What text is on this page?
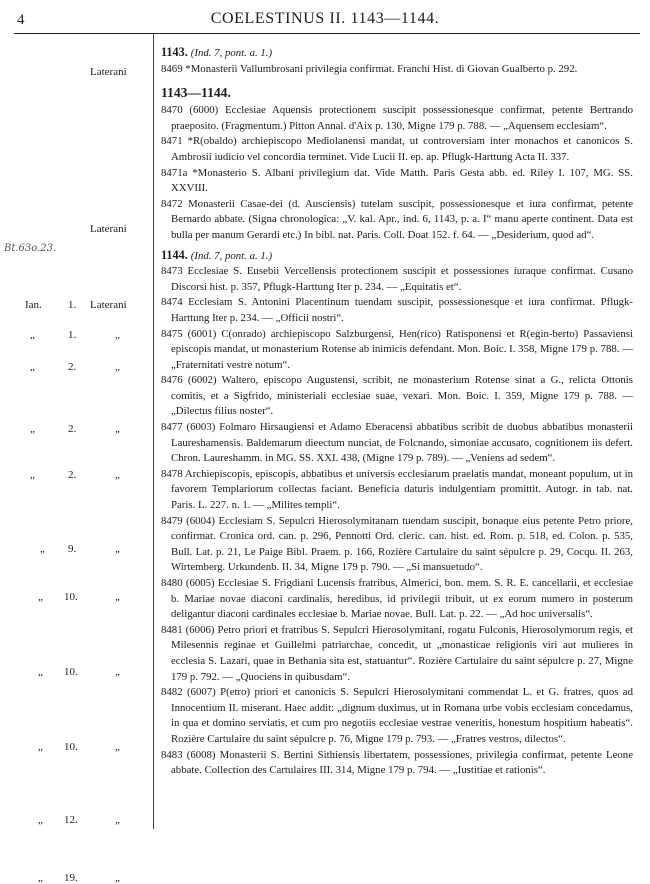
4	COELESTINUS II. 1143—1144.
Laterani
Laterani
Bt.63o.23.
Ian. 1. Laterani
„	1.	„
„	2.	„
„	2.	„
„	2.	„
„ 9.	„
„ 10.	„
„ 10.	„
„ 10.	„
„ 12.	„
„ 19.	„
1143. (Ind. 7, pont. a. 1.)
8469 *Monasterii Vallumbrosani privilegia confirmat. Franchi Hist. di Giovan Gualberto p. 292.
1143—1144.
8470 (6000) Ecclesiae Aquensis protectionem suscipit possessionesque confirmat, petente Bertrando praeposito. (Fragmentum.) Pitton Annal. d'Aix p. 130, Migne 179 p. 788. — „Aquensem ecclesiam“.
8471 *R(obaldo) archiepiscopo Mediolanensi mandat, ut controversiam inter monachos et canonicos S. Ambrosii iudicio vel concordia terminet. Vide Lucii II. ep. ap. Pflugk-Harttung Acta II. 337.
8471a *Monasterio S. Albani privilegium dat. Vide Matth. Paris Gesta abb. ed. Riley I. 107, MG. SS. XXVIII.
8472 Monasterii Casae-dei (d. Ausciensis) tutelam suscipit, possessionesque et iura confirmat, petente Bernardo abbate. (Signa chronologica: „V. kal. Apr., ind. 6, 1143, p. a. I“ manu aperte continent. Data est bulla per manum Gerardi etc.) In bibl. nat. Paris. Coll. Doat 152. f. 64. — „Desiderium, quod ad“.
1144. (Ind. 7, pont. a. 1.)
8473 Ecclesiae S. Eusebii Vercellensis protectionem suscipit et possessiones iuraque confirmat. Cusano Discorsi hist. p. 357, Pflugk-Harttung Iter p. 234. — „Equitatis et“.
8474 Ecclesiam S. Antonini Placentinum tuendam suscipit, possessionesque et iura confirmat. Pflugk-Harttung Iter p. 234. — „Officii nostri“.
8475 (6001) C(onrado) archiepiscopo Salzburgensi, Hen(rico) Ratisponensi et R(egin-berto) Passaviensi episcopis mandat, ut monasterium Rotense ab inimicis defendant. Mon. Boic. I. 358, Migne 179 p. 788. — „Fraternitati vestre notum“.
8476 (6002) Waltero, episcopo Augustensi, scribit, ne monasterium Rotense sinat a G., relicta Ottonis comitis, et a Sigfrido, ministeriali ecclesiae suae, vexari. Mon. Boic. I. 359, Migne 179 p. 788. — „Dilectus filius noster“.
8477 (6003) Folmaro Hirsaugiensi et Adamo Eberacensi abbatibus scribit de duobus abbatibus monasterii Laureshamensis. Baldemarum dieectum nunciat, de Folcnando, simoniae accusato, cognitionem iis defert. Chron. Laureshamm. in MG. SS. XXI. 438, (Migne 179 p. 789). — „Veniens ad sedem“.
8478 Archiepiscopis, episcopis, abbatibus et universis ecclesiarum praelatis mandat, moneant populum, ut in favorem Templariorum collectas faciant. Beneficia daturis indulgentiam promittit. Autogr. in tab. nat. Paris. L. 227. n. 1. — „Milites templi“.
8479 (6004) Ecclesiam S. Sepulcri Hierosolymitanam tuendam suscipit, bonaque eius petente Petro priore, confirmat. Cronica ord. can. p. 296, Pennotti Ord. cleric. can. hist. ed. Rom. p. 518, ed. Colon. p. 535, Bull. Lat. p. 21, Le Paige Bibl. Praem. p. 166, Rozière Cartulaire du saint sépulcre p. 29, Cocqu. II. 263, Wirtemberg. Urkundenb. II. 34, Migne 179 p. 790. — „Si mansuetudo“.
8480 (6005) Ecclesiae S. Frigdiani Lucensis fratribus, Almerici, bon. mem. S. R. E. cancellarii, et ecclesiae b. Mariae novae diaconi cardinalis, heredibus, id privilegii tribuit, ut ex eorum numero in posterum deligantur diaconi cardinales ecclesiae b. Mariae novae. Bull. Lat. p. 22. — „Ad hoc universalis“.
8481 (6006) Petro priori et fratribus S. Sepulcri Hierosolymitani, rogatu Fulconis, Hierosolymorum regis, et Milesennis reginae et Guillelmi patriarchae, concedit, ut „monasticae religionis viri aut mulieres in ecclesia S. Lazari, quae in Bethania sita est, statuantur“. Rozière Cartulaire du saint sépulcre p. 27, Migne 179 p. 792. — „Quociens in quibusdam“.
8482 (6007) P(etro) priori et canonicis S. Sepulcri Hierosolymitani commendat L. et G. fratres, quos ad Innocentium II. miserant. Haec addit: „dignum duximus, ut in Romana urbe vobis ecclesiam concedamus, in qua et domino serviatis, et cum pro negotiis ecclesiae vestrae veneritis, honestum hospitium habeatis“. Rozière Cartulaire du saint sépulcre p. 76, Migne 179 p. 793. — „Fratres vestros, dilectos“.
8483 (6008) Monasterii S. Bertini Sithiensis libertatem, possessiones, privilegia confirmat, petente Leone abbate. Collection des Cartulaires III. 314, Migne 179 p. 794. — „Iustitiae et rationis“.
